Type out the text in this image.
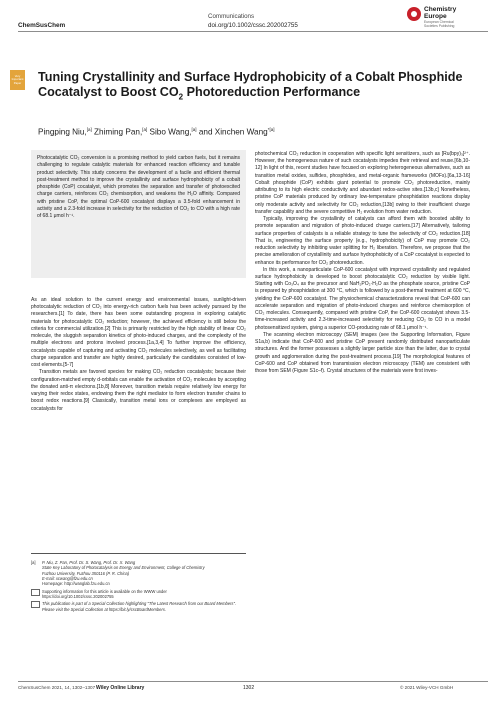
ChemSusChem
Communications
doi.org/10.1002/cssc.202002755
Chemistry
Europe
European Chemical
Societies Publishing
Very
Important
Paper Tuning Crystallinity and Surface Hydrophobicity of a Cobalt Phosphide Cocatalyst to Boost $CO_2$ Photoreduction Performance
Pingping Niu,[a] Zhiming Pan,[a] Sibo Wang,[a] and Xinchen Wang$^{*[a]}$

Photocatalytic CO₂ conversion is a promising method to yield carbon fuels, but it remains challenging to regulate catalytic materials for enhanced reaction efficiency and tunable product selectivity. This study concerns the development of a facile and efficient thermal post-treatment method to improve the crystallinity and surface hydrophobicity of a cobalt phosphide (CoP) cocatalyst, which promotes the separation and transfer of photoexcited charge carriers, reinforces CO₂ chemisorption, and weakens the H₂O affinity. Compared with pristine CoP, the optimal CoP-600 cocatalyst displays a 3.5-fold enhancement in activity and a 2.3-fold increase in selectivity for the reduction of CO₂ to CO with a high rate of 68.1 μmol h⁻¹.

As an ideal solution to the current energy and environmental issues, sunlight-driven photocatalytic reduction of CO₂ into energy-rich carbon fuels has been actively pursued by the researchers.[1] To date, there has been some outstanding progress in exploring catalytic materials for photocatalytic CO₂ reduction; however, the achieved efficiency is still below the criteria for commercial utilization.[2] This is primarily restricted by the high stability of linear CO₂ molecule, the sluggish separation kinetics of photo-induced charges, and the complexity of the multiple electrons and protons involved process.[1a,3,4] To further improve the efficiency, cocatalysts capable of capturing and activating CO₂ molecules selectively, as well as facilitating charge separation and transfer are highly desired, particularly the candidates consisted of low-cost elements.[5-7]

Transition metals are favored species for making CO₂ reduction cocatalysts; because their configuration-matched empty d-orbitals can enable the activation of CO₂ molecules by accepting the donated anti-π electrons.[1b,8] Moreover, transition metals require relatively low energy for varying their redox states, endowing them the right mediator to form electron transfer chains to boost redox reactions.[9] Classically, transition metal ions or complexes are employed as cocatalysts for

photochemical CO₂ reduction in cooperation with specific light sensitizers, such as [Ru(bpy)₃]²⁺. However, the homogeneous nature of such cocatalysts impedes their retrieval and reuse.[6b,10-12] In light of this, recent studies have focused on exploring heterogeneous alternatives, such as transition metal oxides, sulfides, phosphides, and metal-organic frameworks (MOFs).[6a,13-16] Cobalt phosphide (CoP) exhibits giant potential to promote CO₂ photoreduction, mainly attributing to its high electric conductivity and abundant redox-active sites.[13b,c] Nonetheless, pristine CoP materials produced by ordinary low-temperature phosphidation reactions display only moderate activity and selectivity for CO₂ reduction,[13b] owing to their insufficient charge transfer capability and the severe competitive H₂ evolution from water reduction.

Typically, improving the crystallinity of catalysts can afford them with boosted ability to promote separation and migration of photo-induced charge carriers.[17] Alternatively, tailoring surface properties of catalysts is a reliable strategy to tune the selectivity of CO₂ reduction.[18] That is, engineering the surface property (e.g., hydrophobicity) of CoP may promote CO₂ reduction selectivity by inhibiting water splitting for H₂ liberation. Therefore, we propose that the precise amelioration of crystallinity and surface hydrophobicity of a CoP cocatalyst is expected to enhance its performance for CO₂ photoreduction.

In this work, a nanoparticulate CoP-600 cocatalyst with improved crystallinity and regulated surface hydrophobicity is developed to boost photocatalytic CO₂ reduction by visible light. Starting with Co₃O₄ as the precursor and NaH₂PO₂·H₂O as the phosphate source, pristine CoP is prepared by phosphidation at 300 °C, which is followed by a post-thermal treatment at 600 °C, yielding the CoP-600 cocatalyst. The physiochemical characterizations reveal that CoP-600 can accelerate separation and migration of photo-induced charges and reinforce chemisorption of CO₂ molecules. Consequently, compared with pristine CoP, the CoP-600 cocatalyst shows 3.5-time-increased activity and 2.3-time-increased selectivity for reducing CO₂ to CO in a model photosensitized system, giving a superior CO-producing rate of 68.1 μmol h⁻¹.

The scanning electron microscopy (SEM) images (see the Supporting Information, Figure S1a,b) indicate that CoP-600 and pristine CoP present randomly distributed nanoparticulate structures. And the former possesses a slightly larger particle size than the latter, due to crystal growth and agglomeration during the post-treatment process.[19] The morphological features of CoP-600 and CoP obtained from transmission electron microscopy (TEM) are consistent with those from SEM (Figure S1c–f). Crystal structures of the materials were first inves-

[a]	P. Niu, Z. Pan, Prof. Dr. S. Wang, Prof. Dr. X. Wang
State Key Laboratory of Photocatalysis on Energy and Environment, College of Chemistry
Fuzhou University, Fuzhou 350116 (P. R. China)
E-mail: xcwang@fzu.edu.cn
Homepage: http://wanglab.fzu.edu.cn
Supporting information for this article is available on the WWW under
https://doi.org/10.1002/cssc.202002755
This publication is part of a Special Collection highlighting "The Latest Research from our Board Members". Please visit the Special Collection at https://bit.ly/cscBoardMembers.
ChemSusChem 2021, 14, 1302–1307 Wiley Online Library	1302	© 2021 Wiley-VCH GmbH
